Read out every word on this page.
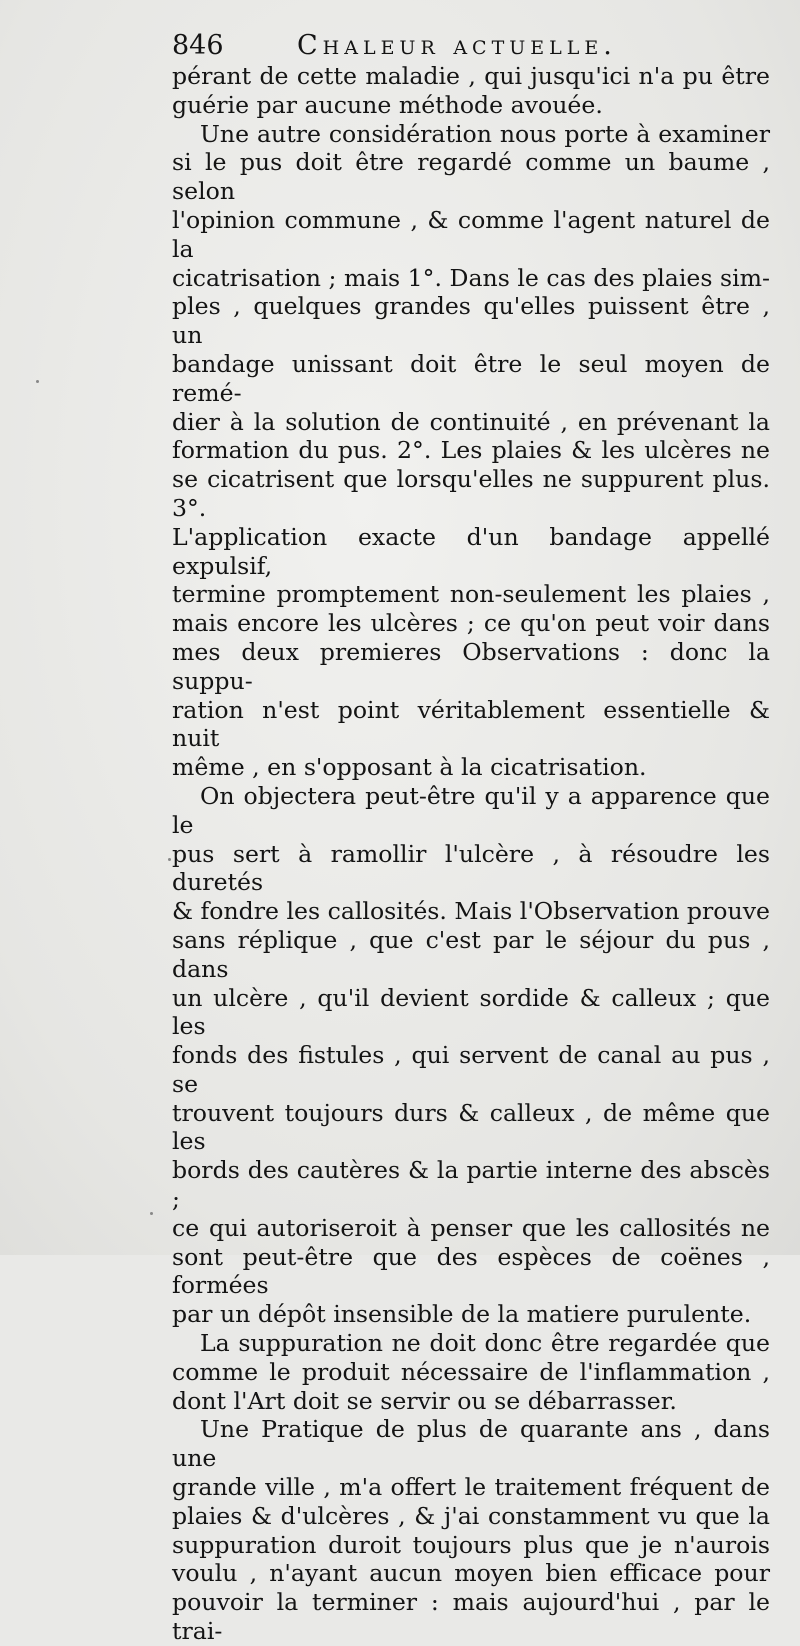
846	Chaleur actuelle.

pérant de cette maladie , qui jusqu'ici n'a pu être

guérie par aucune méthode avouée.

Une autre considération nous porte à examiner

si le pus doit être regardé comme un baume , selon

l'opinion commune , & comme l'agent naturel de la

cicatrisation ; mais 1°. Dans le cas des plaies sim-

ples , quelques grandes qu'elles puissent être , un

bandage unissant doit être le seul moyen de remé-

dier à la solution de continuité , en prévenant la

formation du pus. 2°. Les plaies & les ulcères ne

se cicatrisent que lorsqu'elles ne suppurent plus. 3°.

L'application exacte d'un bandage appellé expulsif,

termine promptement non-seulement les plaies ,

mais encore les ulcères ; ce qu'on peut voir dans

mes deux premieres Observations : donc la suppu-

ration n'est point véritablement essentielle & nuit

même , en s'opposant à la cicatrisation.

On objectera peut-être qu'il y a apparence que le

pus sert à ramollir l'ulcère , à résoudre les duretés

& fondre les callosités. Mais l'Observation prouve

sans réplique , que c'est par le séjour du pus , dans

un ulcère , qu'il devient sordide & calleux ; que les

fonds des fistules , qui servent de canal au pus , se

trouvent toujours durs & calleux , de même que les

bords des cautères & la partie interne des abscès ;

ce qui autoriseroit à penser que les callosités ne

sont peut-être que des espèces de coënes , formées

par un dépôt insensible de la matiere purulente.

La suppuration ne doit donc être regardée que

comme le produit nécessaire de l'inflammation ,

dont l'Art doit se servir ou se débarrasser.

Une Pratique de plus de quarante ans , dans une

grande ville , m'a offert le traitement fréquent de

plaies & d'ulcères , & j'ai constamment vu que la

suppuration duroit toujours plus que je n'aurois

voulu , n'ayant aucun moyen bien efficace pour

pouvoir la terminer : mais aujourd'hui , par le trai-
